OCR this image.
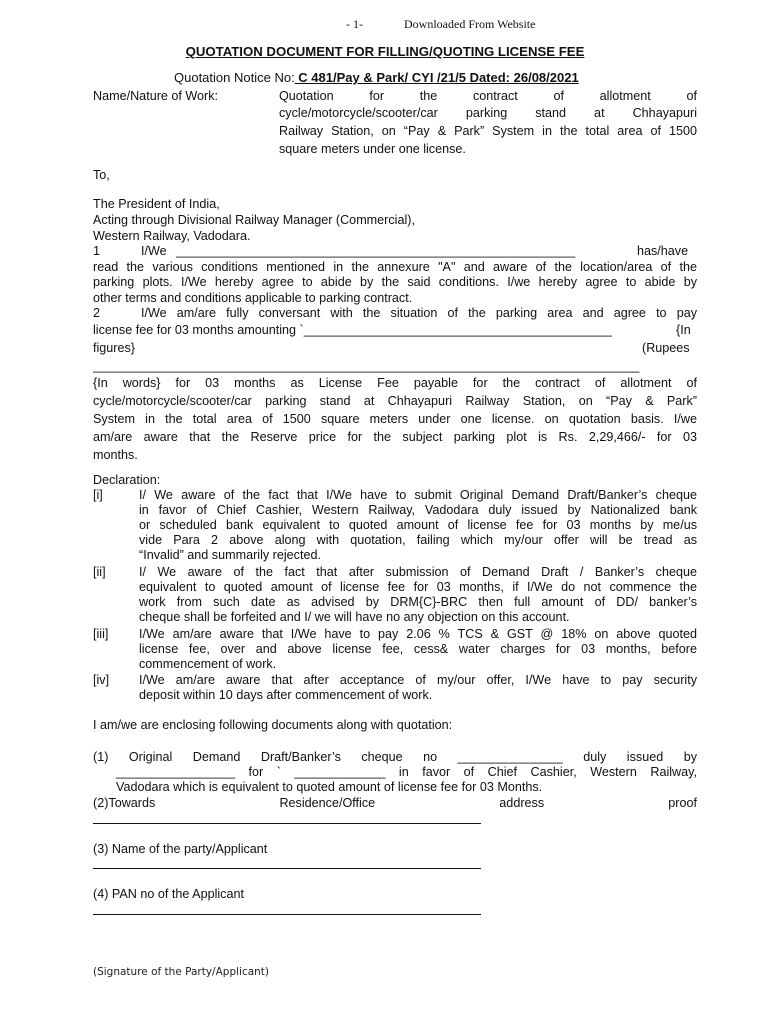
- 1-	Downloaded From Website
QUOTATION DOCUMENT FOR FILLING/QUOTING LICENSE FEE
Quotation Notice No: C 481/Pay & Park/ CYI /21/5 Dated: 26/08/2021
Name/Nature of Work:	Quotation for the contract of allotment of
cycle/motorcycle/scooter/car parking stand at Chhayapuri
Railway Station, on “Pay & Park” System in the total area of 1500
square meters under one license.
To,
The President of India,
Acting through Divisional Railway Manager (Commercial),
Western Railway, Vadodara.
1	I/We _________________________________________________________	has/have
read the various conditions mentioned in the annexure "A" and aware of the location/area of the
parking plots. I/We hereby agree to abide by the said conditions. I/we hereby agree to abide by
other terms and conditions applicable to parking contract.
2	I/We am/are fully conversant with the situation of the parking area and agree to pay
license fee for 03 months amounting `____________________________________________	{In
figures}	(Rupees
______________________________________________________________________________
{In words} for 03 months as License Fee payable for the contract of allotment of
cycle/motorcycle/scooter/car parking stand at Chhayapuri Railway Station, on “Pay & Park”
System in the total area of 1500 square meters under one license. on quotation basis. I/we
am/are aware that the Reserve price for the subject parking plot is Rs. 2,29,466/- for 03
months.
Declaration:
[i]	I/ We aware of the fact that I/We have to submit Original Demand Draft/Banker’s cheque
in favor of Chief Cashier, Western Railway, Vadodara duly issued by Nationalized bank
or scheduled bank equivalent to quoted amount of license fee for 03 months by me/us
vide Para 2 above along with quotation, failing which my/our offer will be tread as
“Invalid” and summarily rejected.
[ii]	I/ We aware of the fact that after submission of Demand Draft / Banker’s cheque
equivalent to quoted amount of license fee for 03 months, if I/We do not commence the
work from such date as advised by DRM{C}-BRC then full amount of DD/ banker’s
cheque shall be forfeited and I/ we will have no any objection on this account.
[iii] I/We am/are aware that I/We have to pay 2.06 % TCS & GST @ 18% on above quoted
license fee, over and above license fee, cess& water charges for 03 months, before
commencement of work.
[iv] I/We am/are aware that after acceptance of my/our offer, I/We have to pay security
deposit within 10 days after commencement of work.
I am/we are enclosing following documents along with quotation:
(1) Original Demand Draft/Banker’s cheque no _______________ duly issued by
_________________ for ` _____________ in favor of Chief Cashier, Western Railway,
Vadodara which is equivalent to quoted amount of license fee for 03 Months.
(2)Towards Residence/Office address proof
(3) Name of the party/Applicant
(4) PAN no of the Applicant
(Signature of the Party/Applicant)
